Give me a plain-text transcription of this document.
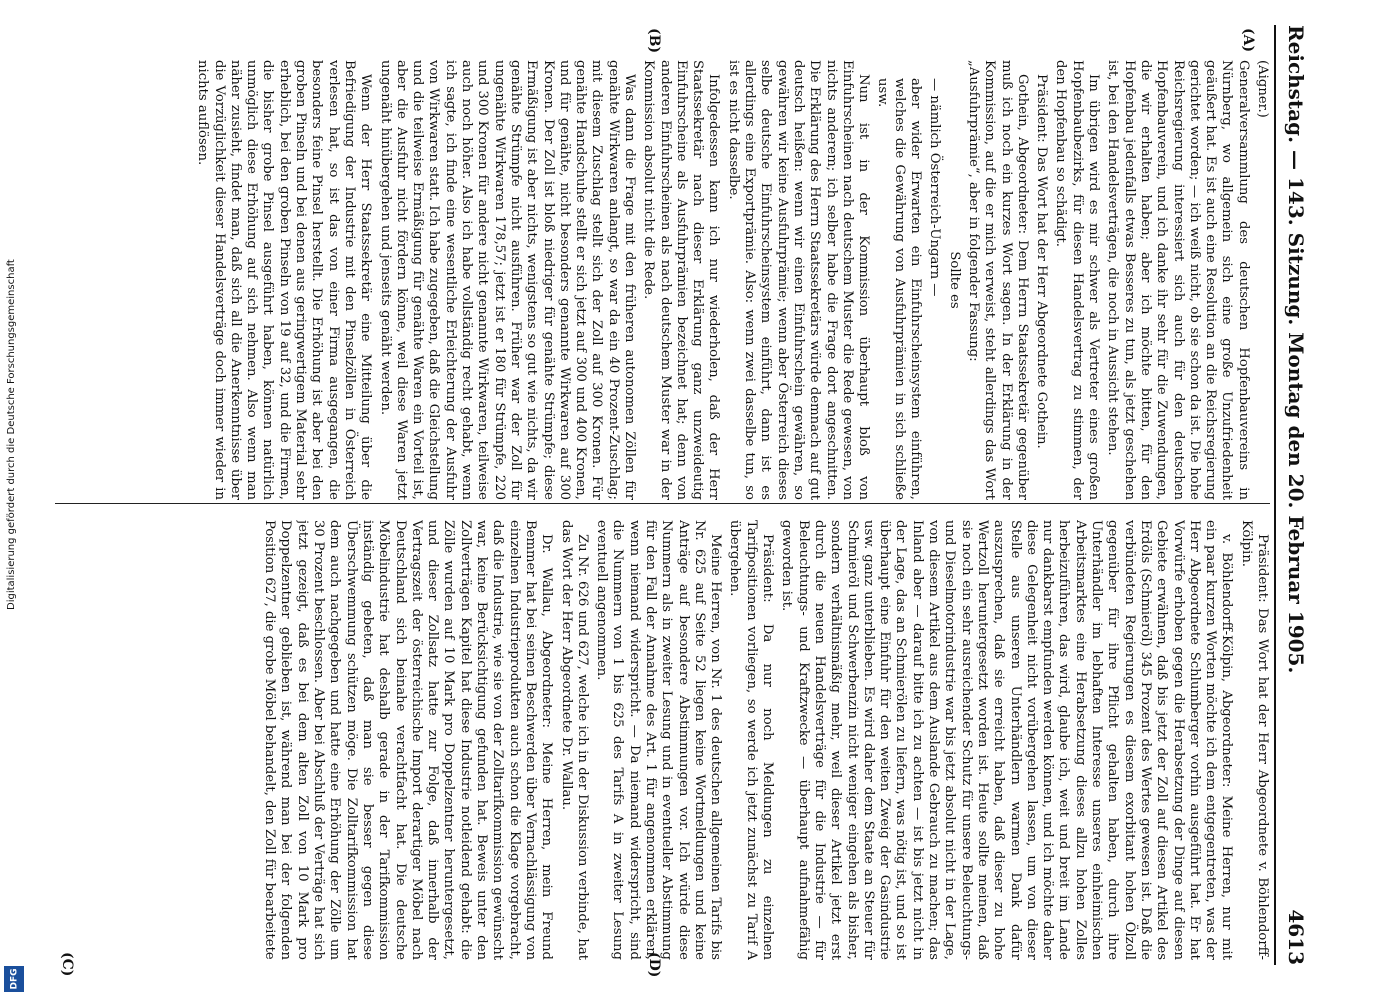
Digitalisierung gefördert durch die Deutsche Forschungsgemeinschaft
DFG
Reichstag. — 143. Sitzung. Montag den 20. Februar 1905.
4613
(A)
(B)
(C)	(D)

(Aigner.)

Generalversammlung des deutschen Hopfenbauvereins in Nürnberg, wo allgemein sich eine große Unzufriedenheit geäußert hat. Es ist auch eine Resolution an die Reichsregierung gerichtet worden; — ich weiß nicht, ob sie schon da ist. Die hohe Reichsregierung interessiert sich auch für den deutschen Hopfenbauverein, und ich danke ihr sehr für die Zuwendungen, die wir erhalten haben; aber ich möchte bitten, für den Hopfenbau jedenfalls etwas Besseres zu tun, als jetzt geschehen ist, bei den Handelsverträgen, die noch in Aussicht stehen.

Im übrigen wird es mir schwer als Vertreter eines großen Hopfenbaubezirks, für diesen Handelsvertrag zu stimmen, der den Hopfenbau so schädigt.

Präsident: Das Wort hat der Herr Abgeordnete Gothein.

Gothein, Abgeordneter: Dem Herrn Staatssekretär gegenüber muß ich noch ein kurzes Wort sagen. In der Erklärung in der Kommission, auf die er mich verweist, steht allerdings das Wort „Ausfuhrprämie“, aber in folgender Fassung:

Sollte es

— nämlich Österreich-Ungarn —

aber wider Erwarten ein Einfuhrscheinsystem einführen, welches die Gewährung von Ausfuhrprämien in sich schließe usw.

Nun ist in der Kommission überhaupt bloß von Einfuhrscheinen nach deutschem Muster die Rede gewesen, von nichts anderem; ich selber habe die Frage dort angeschnitten. Die Erklärung des Herrn Staatssekretärs würde demnach auf gut deutsch heißen: wenn wir einen Einfuhrschein gewähren, so gewähren wir keine Ausfuhrprämie; wenn aber Österreich dieses selbe deutsche Einfuhrscheinsystem einführt, dann ist es allerdings eine Exportprämie. Also: wenn zwei dasselbe tun, so ist es nicht dasselbe.

Infolgedessen kann ich nur wiederholen, daß der Herr Staatssekretär nach dieser Erklärung ganz unzweideutig Einfuhrscheine als Ausfuhrprämien bezeichnet hat; denn von anderen Einfuhrscheinen als nach deutschem Muster war in der Kommission absolut nicht die Rede.

Was dann die Frage mit den früheren autonomen Zöllen für genähte Wirkwaren anlangt, so war da ein 40 Prozent-Zuschlag; mit diesem Zuschlag stellt sich der Zoll auf 300 Kronen. Für genähte Handschuhe stellt er sich jetzt auf 300 und 400 Kronen, und für genähte, nicht besonders genannte Wirkwaren auf 300 Kronen. Der Zoll ist bloß niedriger für genähte Strümpfe; diese Ermäßigung ist aber nichts, wenigstens so gut wie nichts, da wir genähte Strümpfe nicht ausführen. Früher war der Zoll für ungenähte Wirkwaren 178,57; jetzt ist er 180 für Strümpfe, 220 und 300 Kronen für andere nicht genannte Wirkwaren, teilweise auch noch höher. Also ich habe vollständig recht gehabt, wenn ich sagte, ich finde eine wesentliche Erleichterung der Ausfuhr von Wirkwaren statt. Ich habe zugegeben, daß die Gleichstellung und die teilweise Ermäßigung für genähte Waren ein Vorteil ist, aber die Ausfuhr nicht fördern könne, weil diese Waren jetzt ungenäht hinübergehen und jenseits genäht werden.

Wenn der Herr Staatssekretär eine Mitteilung über die Befriedigung der Industrie mit den Pinselzöllen in Österreich verlesen hat, so ist das von einer Firma ausgegangen, die besonders feine Pinsel herstellt. Die Erhöhung ist aber bei den groben Pinseln und bei denen aus geringwertigem Material sehr erheblich, bei den groben Pinseln von 19 auf 32, und die Firmen, die bisher grobe Pinsel ausgeführt haben, können natürlich unmöglich diese Erhöhung auf sich nehmen. Also wenn man näher zusieht, findet man, daß sich all die Anerkenntnisse über die Vorzüglichkeit dieser Handelsverträge doch immer wieder in nichts auflösen.

Präsident: Das Wort hat der Herr Abgeordnete v. Böhlendorff-Kölpin.

v. Böhlendorff-Kölpin, Abgeordneter: Meine Herren, nur mit ein paar kurzen Worten möchte ich dem entgegentreten, was der Herr Abgeordnete Schlumberger vorhin ausgeführt hat. Er hat Vorwürfe erhoben gegen die Herabsetzung der Dinge auf diesen Gebiete erwähnen, daß bis jetzt der Zoll auf diesen Artikel des Erdöls (Schmieröl) 345 Prozent des Wertes gewesen ist. Daß die verbündeten Regierungen es diesem exorbitant hohen Ölzoll gegenüber für ihre Pflicht gehalten haben, durch ihre Unterhändler im lebhaften Interesse unseres einheimischen Arbeitsmarktes eine Herabsetzung dieses allzu hohen Zolles herbeizuführen, das wird, glaube ich, weit und breit im Lande nur dankbarst empfunden werden können, und ich möchte daher diese Gelegenheit nicht vorübergehen lassen, um von dieser Stelle aus unseren Unterhändlern warmen Dank dafür auszusprechen, daß sie erreicht haben, daß dieser zu hohe Wertzoll heruntergesetzt worden ist. Heute sollte meinen, daß sie noch ein sehr ausreichender Schutz für unsere Beleuchtungs- und Dieselmotorindustrie war bis jetzt absolut nicht in der Lage, von diesem Artikel aus dem Auslande Gebrauch zu machen; das Inland aber — darauf bitte ich zu achten — ist bis jetzt nicht in der Lage, das an Schmierölen zu liefern, was nötig ist, und so ist überhaupt eine Einfuhr für den weiten Zweig der Gasindustrie usw. ganz unterblieben. Es wird daher dem Staate an Steuer für Schmieröl und Schwerbenzin nicht weniger eingehen als bisher, sondern verhältnismäßig mehr, weil dieser Artikel jetzt erst durch die neuen Handelsverträge für die Industrie — für Beleuchtungs- und Kraftzwecke — überhaupt aufnahmefähig geworden ist.

Präsident: Da nur noch Meldungen zu einzelnen Tarifpositionen vorliegen, so werde ich jetzt zunächst zu Tarif A übergehen.

Meine Herren, von Nr. 1 des deutschen allgemeinen Tarifs bis Nr. 625 auf Seite 52 liegen keine Wortmeldungen und keine Anträge auf besondere Abstimmungen vor. Ich würde diese Nummern als in zweiter Lesung und in eventueller Abstimmung für den Fall der Annahme des Art. 1 für angenommen erklären, wenn niemand widerspricht. — Da niemand widerspricht, sind die Nummern von 1 bis 625 des Tarifs A in zweiter Lesung eventuell angenommen.

Zu Nr. 626 und 627, welche ich in der Diskussion verbinde, hat das Wort der Herr Abgeordnete Dr. Wallau.

Dr. Wallau, Abgeordneter: Meine Herren, mein Freund Bemmer hat bei seinen Beschwerden über Vernachlässigung von einzelnen Industrieprodukten auch schon die Klage vorgebracht, daß die Industrie, wie sie von der Zolltarifkommission gewünscht war, keine Berücksichtigung gefunden hat. Beweis unter den Zollverträgen Kapitel hat diese Industrie notleidend gehabt: die Zölle wurden auf 10 Mark pro Doppelzentner heruntergesetzt, und dieser Zollsatz hatte zur Folge, daß innerhalb der Vertragszeit der österreichische Import derartiger Möbel nach Deutschland sich beinahe verachtfacht hat. Die deutsche Möbelindustrie hat deshalb gerade in der Tarifkommission inständig gebeten, daß man sie besser gegen diese Überschwemmung schützen möge. Die Zolltarifkommission hat dem auch nachgegeben und hatte eine Erhöhung der Zölle um 30 Prozent beschlossen. Aber bei Abschluß der Verträge hat sich jetzt gezeigt, daß es bei dem alten Zoll von 10 Mark pro Doppelzentner geblieben ist, während man bei der folgenden Position 627, die grobe Möbel behandelt, den Zoll für bearbeitete
